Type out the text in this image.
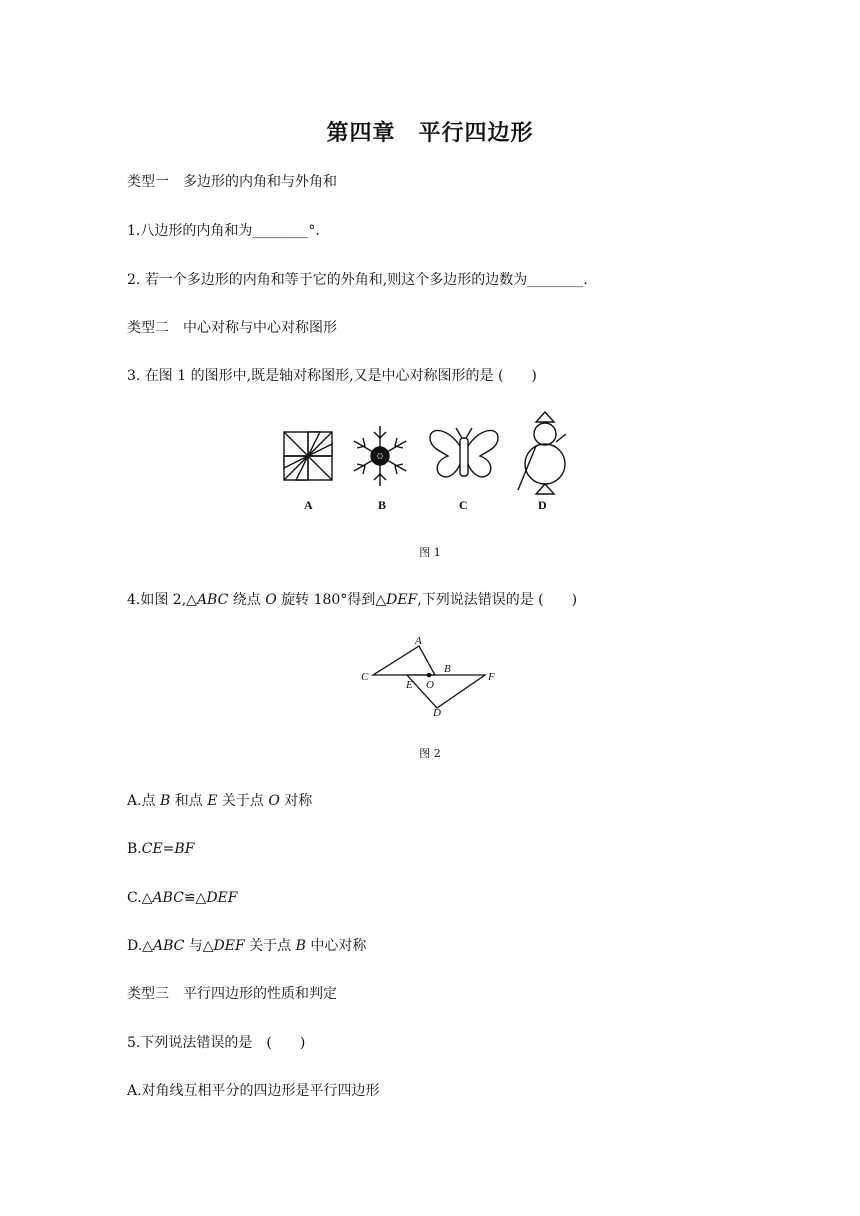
第四章　平行四边形
类型一　多边形的内角和与外角和
1.八边形的内角和为________°.
2. 若一个多边形的内角和等于它的外角和,则这个多边形的边数为________.
类型二　中心对称与中心对称图形
3. 在图 1 的图形中,既是轴对称图形,又是中心对称图形的是 (　　)
A	B	C	D
图 1
4.如图 2,△ABC 绕点 O 旋转 180°得到△DEF,下列说法错误的是 (　　)
A
B
C
D
E
F
O
图 2
A.点 B 和点 E 关于点 O 对称
B.CE=BF
C.△ABC≌△DEF
D.△ABC 与△DEF 关于点 B 中心对称
类型三　平行四边形的性质和判定
5.下列说法错误的是　(　　)
A.对角线互相平分的四边形是平行四边形
